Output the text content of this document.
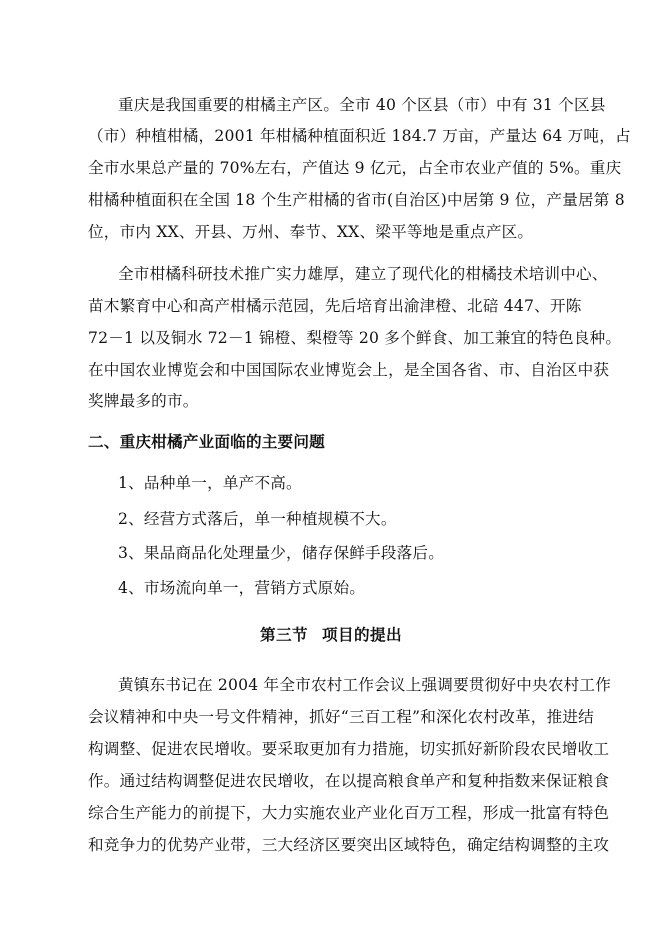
重庆是我国重要的柑橘主产区。全市 40 个区县（市）中有 31 个区县
（市）种植柑橘，2001 年柑橘种植面积近 184.7 万亩，产量达 64 万吨，占
全市水果总产量的 70%左右，产值达 9 亿元，占全市农业产值的 5%。重庆
柑橘种植面积在全国 18 个生产柑橘的省市(自治区)中居第 9 位，产量居第 8
位，市内 XX、开县、万州、奉节、XX、梁平等地是重点产区。
全市柑橘科研技术推广实力雄厚，建立了现代化的柑橘技术培训中心、
苗木繁育中心和高产柑橘示范园，先后培育出渝津橙、北碚 447、开陈
72－1 以及铜水 72－1 锦橙、梨橙等 20 多个鲜食、加工兼宜的特色良种。
在中国农业博览会和中国国际农业博览会上，是全国各省、市、自治区中获
奖牌最多的市。
二、重庆柑橘产业面临的主要问题
1、品种单一，单产不高。
2、经营方式落后，单一种植规模不大。
3、果品商品化处理量少，储存保鲜手段落后。
4、市场流向单一，营销方式原始。
第三节 项目的提出
黄镇东书记在 2004 年全市农村工作会议上强调要贯彻好中央农村工作
会议精神和中央一号文件精神，抓好“三百工程”和深化农村改革，推进结
构调整、促进农民增收。要采取更加有力措施，切实抓好新阶段农民增收工
作。通过结构调整促进农民增收，在以提高粮食单产和复种指数来保证粮食
综合生产能力的前提下，大力实施农业产业化百万工程，形成一批富有特色
和竞争力的优势产业带，三大经济区要突出区域特色，确定结构调整的主攻
